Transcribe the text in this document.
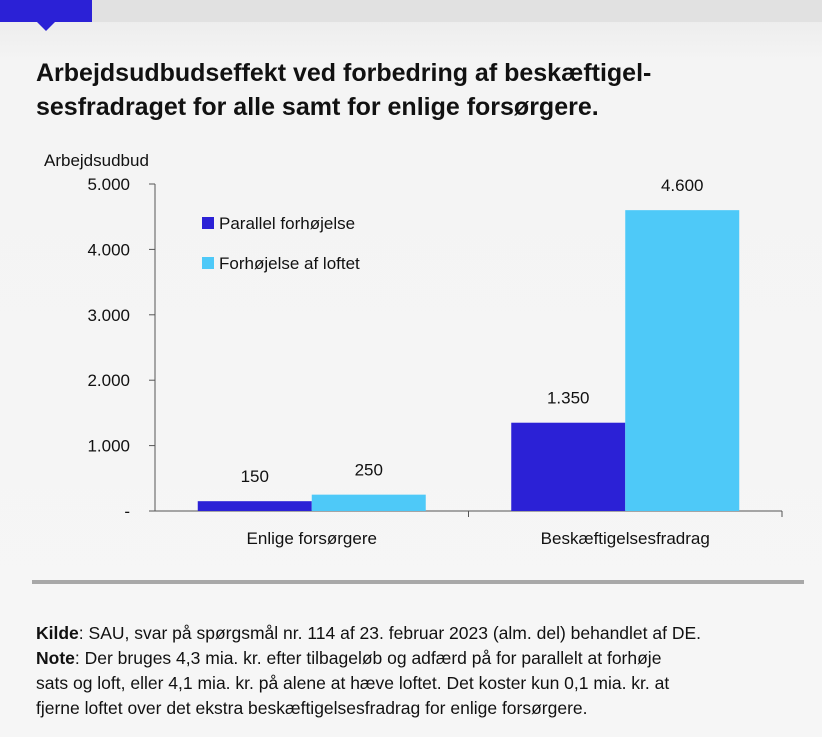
Arbejdsudbudseffekt ved forbedring af beskæftigel-
sesfradraget for alle samt for enlige forsørgere.
Arbejdsudbud
-
1.000
2.000
3.000
4.000
5.000
150	250
Enlige forsørgere
1.350
4.600
Beskæftigelsesfradrag
Parallel forhøjelse
Forhøjelse af loftet

Kilde: SAU, svar på spørgsmål nr. 114 af 23. februar 2023 (alm. del) behandlet af DE.

Note: Der bruges 4,3 mia. kr. efter tilbageløb og adfærd på for parallelt at forhøje

sats og loft, eller 4,1 mia. kr. på alene at hæve loftet. Det koster kun 0,1 mia. kr. at

fjerne loftet over det ekstra beskæftigelsesfradrag for enlige forsørgere.
